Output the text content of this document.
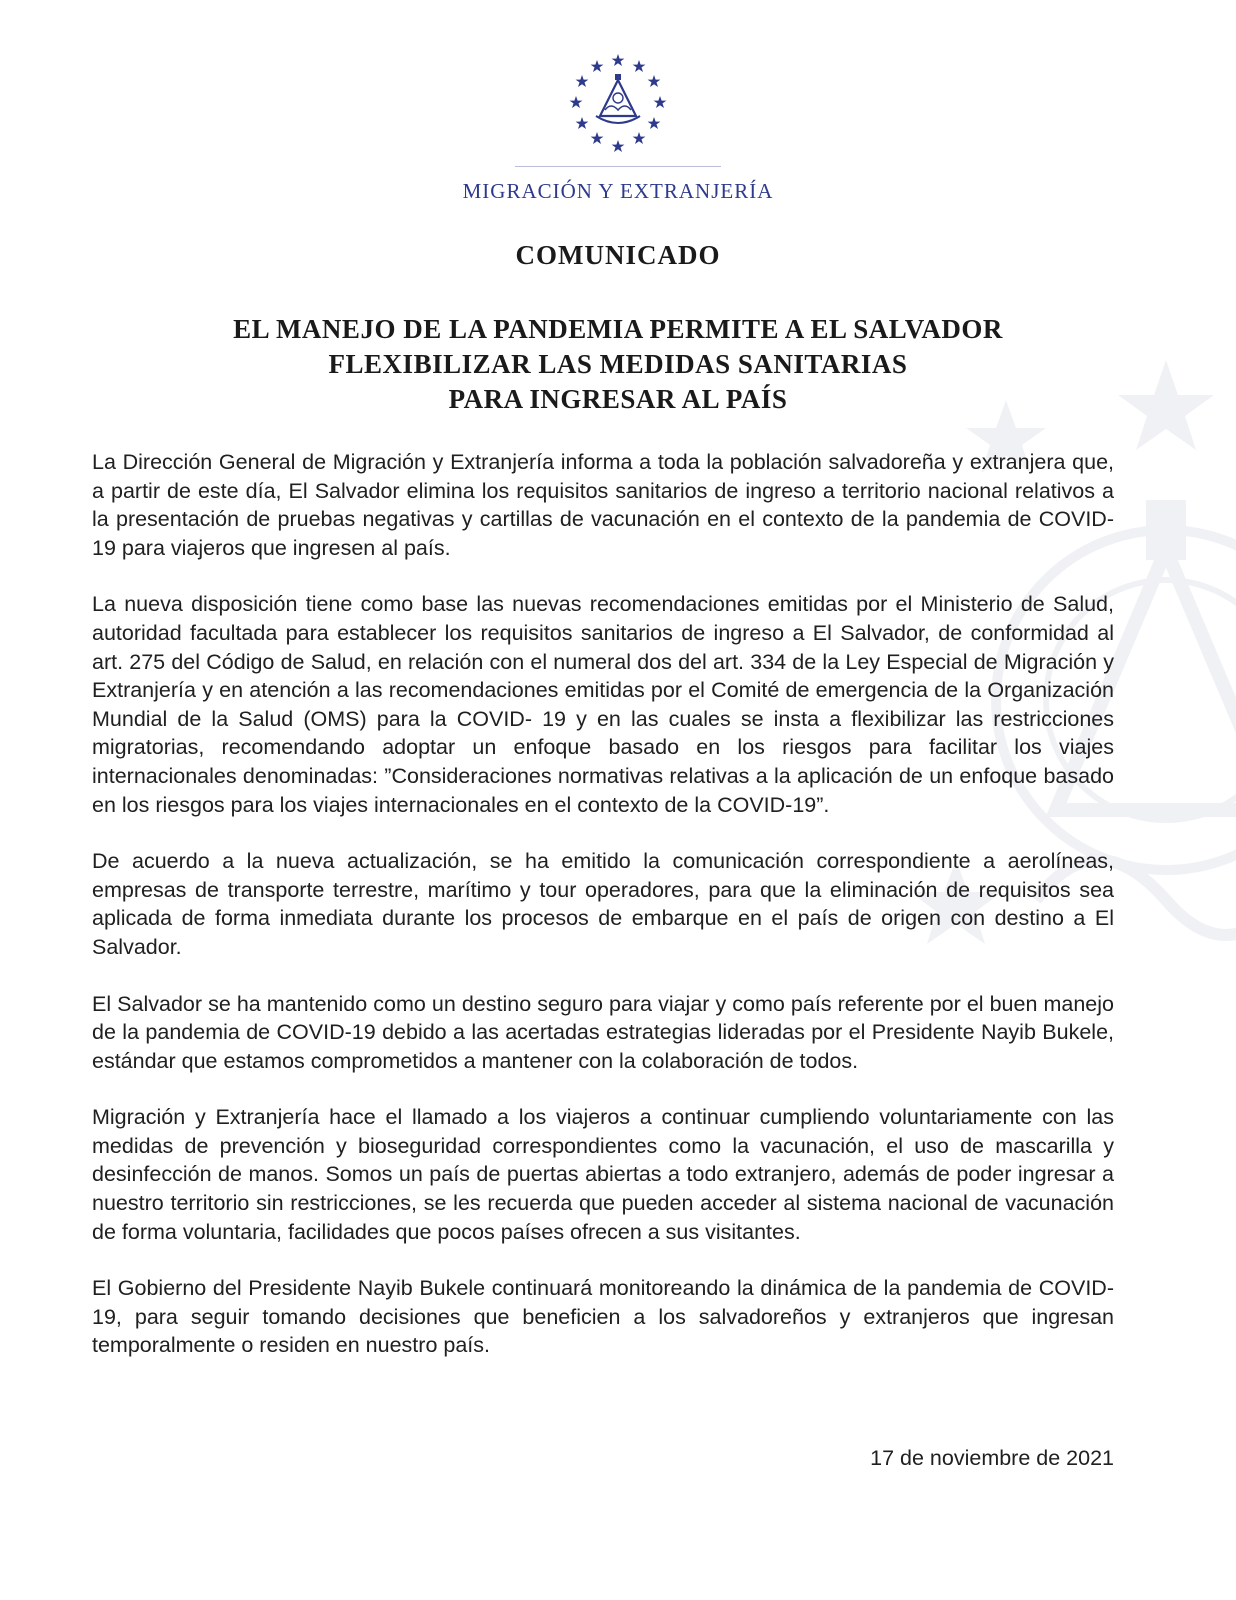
MIGRACIÓN Y EXTRANJERÍA
COMUNICADO
EL MANEJO DE LA PANDEMIA PERMITE A EL SALVADOR
FLEXIBILIZAR LAS MEDIDAS SANITARIAS
PARA INGRESAR AL PAÍS

La Dirección General de Migración y Extranjería informa a toda la población salvadoreña y extranjera que, a partir de este día, El Salvador elimina los requisitos sanitarios de ingreso a territorio nacional relativos a la presentación de pruebas negativas y cartillas de vacunación en el contexto de la pandemia de COVID-19 para viajeros que ingresen al país.

La nueva disposición tiene como base las nuevas recomendaciones emitidas por el Ministerio de Salud, autoridad facultada para establecer los requisitos sanitarios de ingreso a El Salvador, de conformidad al art. 275 del Código de Salud, en relación con el numeral dos del art. 334 de la Ley Especial de Migración y Extranjería y en atención a las recomendaciones emitidas por el Comité de emergencia de la Organización Mundial de la Salud (OMS) para la COVID- 19 y en las cuales se insta a flexibilizar las restricciones migratorias, recomendando adoptar un enfoque basado en los riesgos para facilitar los viajes internacionales denominadas: ”Consideraciones normativas relativas a la aplicación de un enfoque basado en los riesgos para los viajes internacionales en el contexto de la COVID-19”.

De acuerdo a la nueva actualización, se ha emitido la comunicación correspondiente a aerolíneas, empresas de transporte terrestre, marítimo y tour operadores, para que la eliminación de requisitos sea aplicada de forma inmediata durante los procesos de embarque en el país de origen con destino a El Salvador.

El Salvador se ha mantenido como un destino seguro para viajar y como país referente por el buen manejo de la pandemia de COVID-19 debido a las acertadas estrategias lideradas por el Presidente Nayib Bukele, estándar que estamos comprometidos a mantener con la colaboración de todos.

Migración y Extranjería hace el llamado a los viajeros a continuar cumpliendo voluntariamente con las medidas de prevención y bioseguridad correspondientes como la vacunación, el uso de mascarilla y desinfección de manos. Somos un país de puertas abiertas a todo extranjero, además de poder ingresar a nuestro territorio sin restricciones, se les recuerda que pueden acceder al sistema nacional de vacunación de forma voluntaria, facilidades que pocos países ofrecen a sus visitantes.

El Gobierno del Presidente Nayib Bukele continuará monitoreando la dinámica de la pandemia de COVID-19, para seguir tomando decisiones que beneficien a los salvadoreños y extranjeros que ingresan temporalmente o residen en nuestro país.

17 de noviembre de 2021
